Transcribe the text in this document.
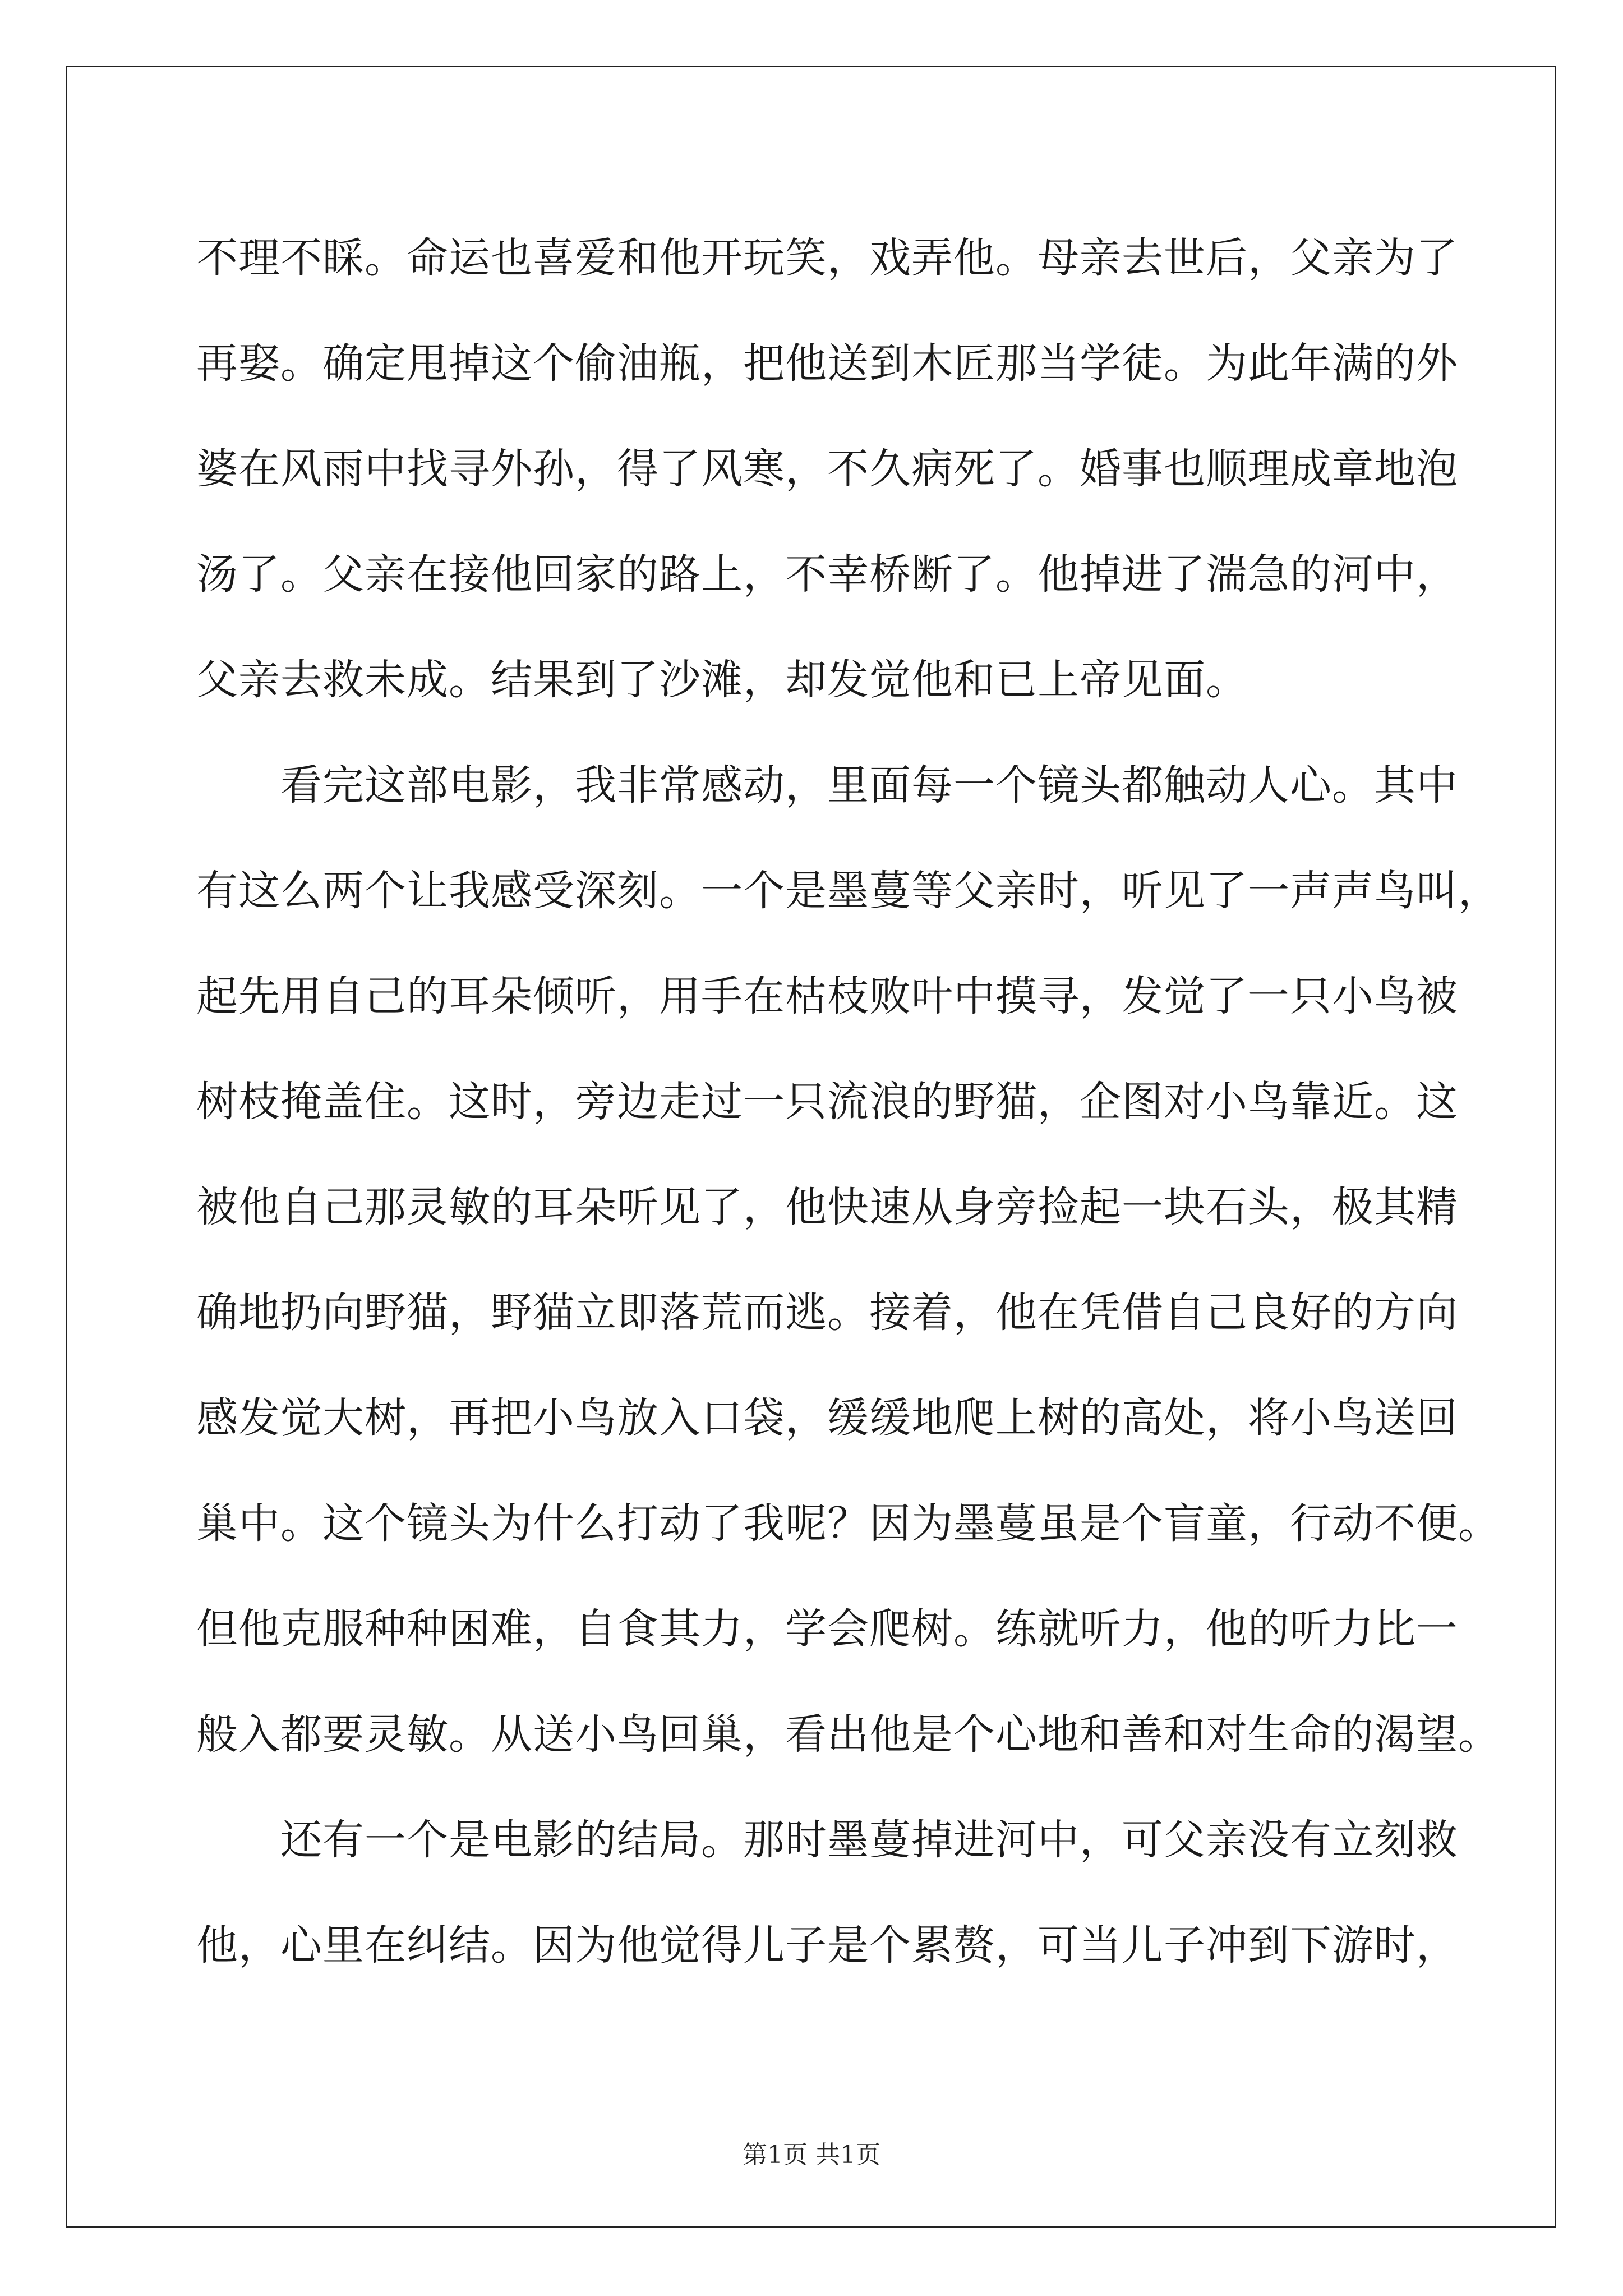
不理不睬。命运也喜爱和他开玩笑，戏弄他。母亲去世后，父亲为了
再娶。确定甩掉这个偷油瓶，把他送到木匠那当学徒。为此年满的外
婆在风雨中找寻外孙，得了风寒，不久病死了。婚事也顺理成章地泡
汤了。父亲在接他回家的路上，不幸桥断了。他掉进了湍急的河中，
父亲去救未成。结果到了沙滩，却发觉他和已上帝见面。
看完这部电影，我非常感动，里面每一个镜头都触动人心。其中
有这么两个让我感受深刻。一个是墨蔓等父亲时，听见了一声声鸟叫，
起先用自己的耳朵倾听，用手在枯枝败叶中摸寻，发觉了一只小鸟被
树枝掩盖住。这时，旁边走过一只流浪的野猫，企图对小鸟靠近。这
被他自己那灵敏的耳朵听见了，他快速从身旁捡起一块石头，极其精
确地扔向野猫，野猫立即落荒而逃。接着，他在凭借自己良好的方向
感发觉大树，再把小鸟放入口袋，缓缓地爬上树的高处，将小鸟送回
巢中。这个镜头为什么打动了我呢？因为墨蔓虽是个盲童，行动不便。
但他克服种种困难，自食其力，学会爬树。练就听力，他的听力比一
般入都要灵敏。从送小鸟回巢，看出他是个心地和善和对生命的渴望。
还有一个是电影的结局。那时墨蔓掉进河中，可父亲没有立刻救
他，心里在纠结。因为他觉得儿子是个累赘，可当儿子冲到下游时，
第1页 共1页
